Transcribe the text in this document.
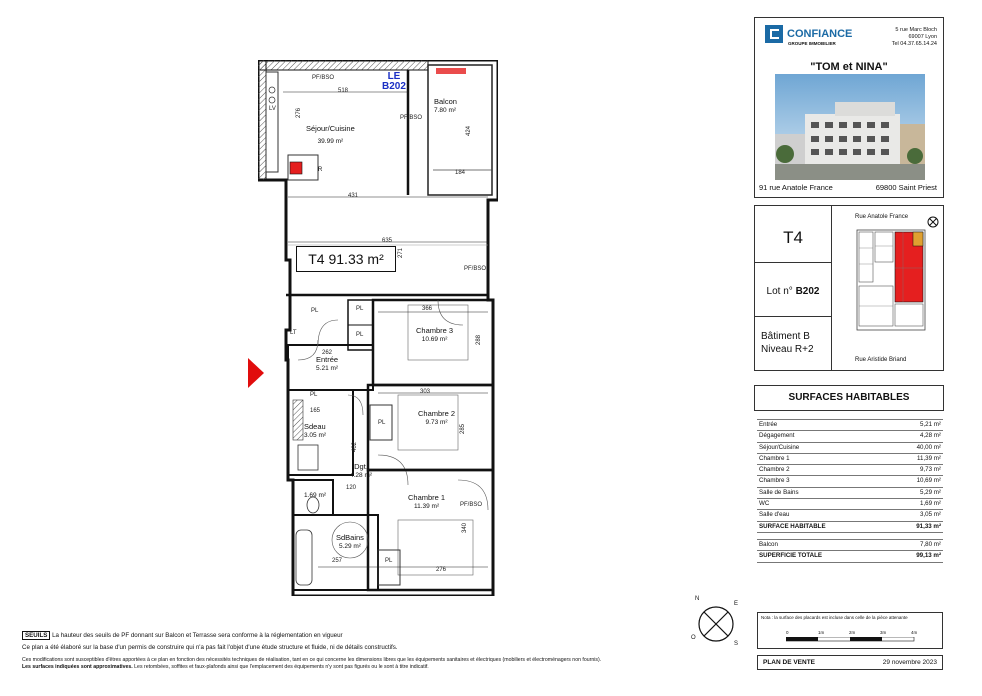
LE
B202
Séjour/Cuisine
39.99 m²
Balcon
7.80 m²
T4 91.33 m²
Chambre 3
10.69 m²
Entrée
5.21 m²
Chambre 2
9.73 m²
Sdeau
3.05 m²
Dgt.
4.28 m²
Chambre 1
11.39 m²
1.69 m²
SdBains
5.29 m²
518
276
431
635
366
288
262
303
285
165
402
257
276
184
424
271
120
340
PF/BSO
PF/BSO
PF/BSO
PF/BSO
PL
PL
PL
PL
PL
PL
LV
R
LT
CONFIANCE
GROUPE IMMOBILIER
5 rue Marc Bloch
69007 Lyon
Tel 04.37.65.14.24
"TOM et NINA"
91 rue Anatole France	69800 Saint Priest
T4
Lot n° B202
Bâtiment B
Niveau R+2
Rue Anatole France
Rue Aristide Briand
SURFACES HABITABLES
Entrée	5,21 m²
Dégagement	4,28 m²
Séjour/Cuisine	40,00 m²
Chambre 1	11,39 m²
Chambre 2	9,73 m²
Chambre 3	10,69 m²
Salle de Bains	5,29 m²
WC	1,69 m²
Salle d'eau	3,05 m²
SURFACE HABITABLE	91,33 m²
Balcon	7,80 m²
SUPERFICIE TOTALE	99,13 m²
Nota : la surface des placards est incluse dans celle de la pièce attenante
0	1m	2m	3m	4m
PLAN DE VENTE	29 novembre 2023
N
E
S
O
SEUILS La hauteur des seuils de PF donnant sur Balcon et Terrasse sera conforme à la réglementation en vigueur
Ce plan a été élaboré sur la base d'un permis de construire qui n'a pas fait l'objet d'une étude structure et fluide, ni de détails constructifs.
Ces modifications sont susceptibles d'êtres apportées à ce plan en fonction des nécessités techniques de réalisation, tant en ce qui concerne les dimensions libres que les équipements sanitaires et électriques (mobiliers et électroménagers non fournis).
Les surfaces indiquées sont approximatives. Les retombées, soffites et faux-plafonds ainsi que l'emplacement des équipements n'y sont pas figurés ou le sont à titre indicatif.
